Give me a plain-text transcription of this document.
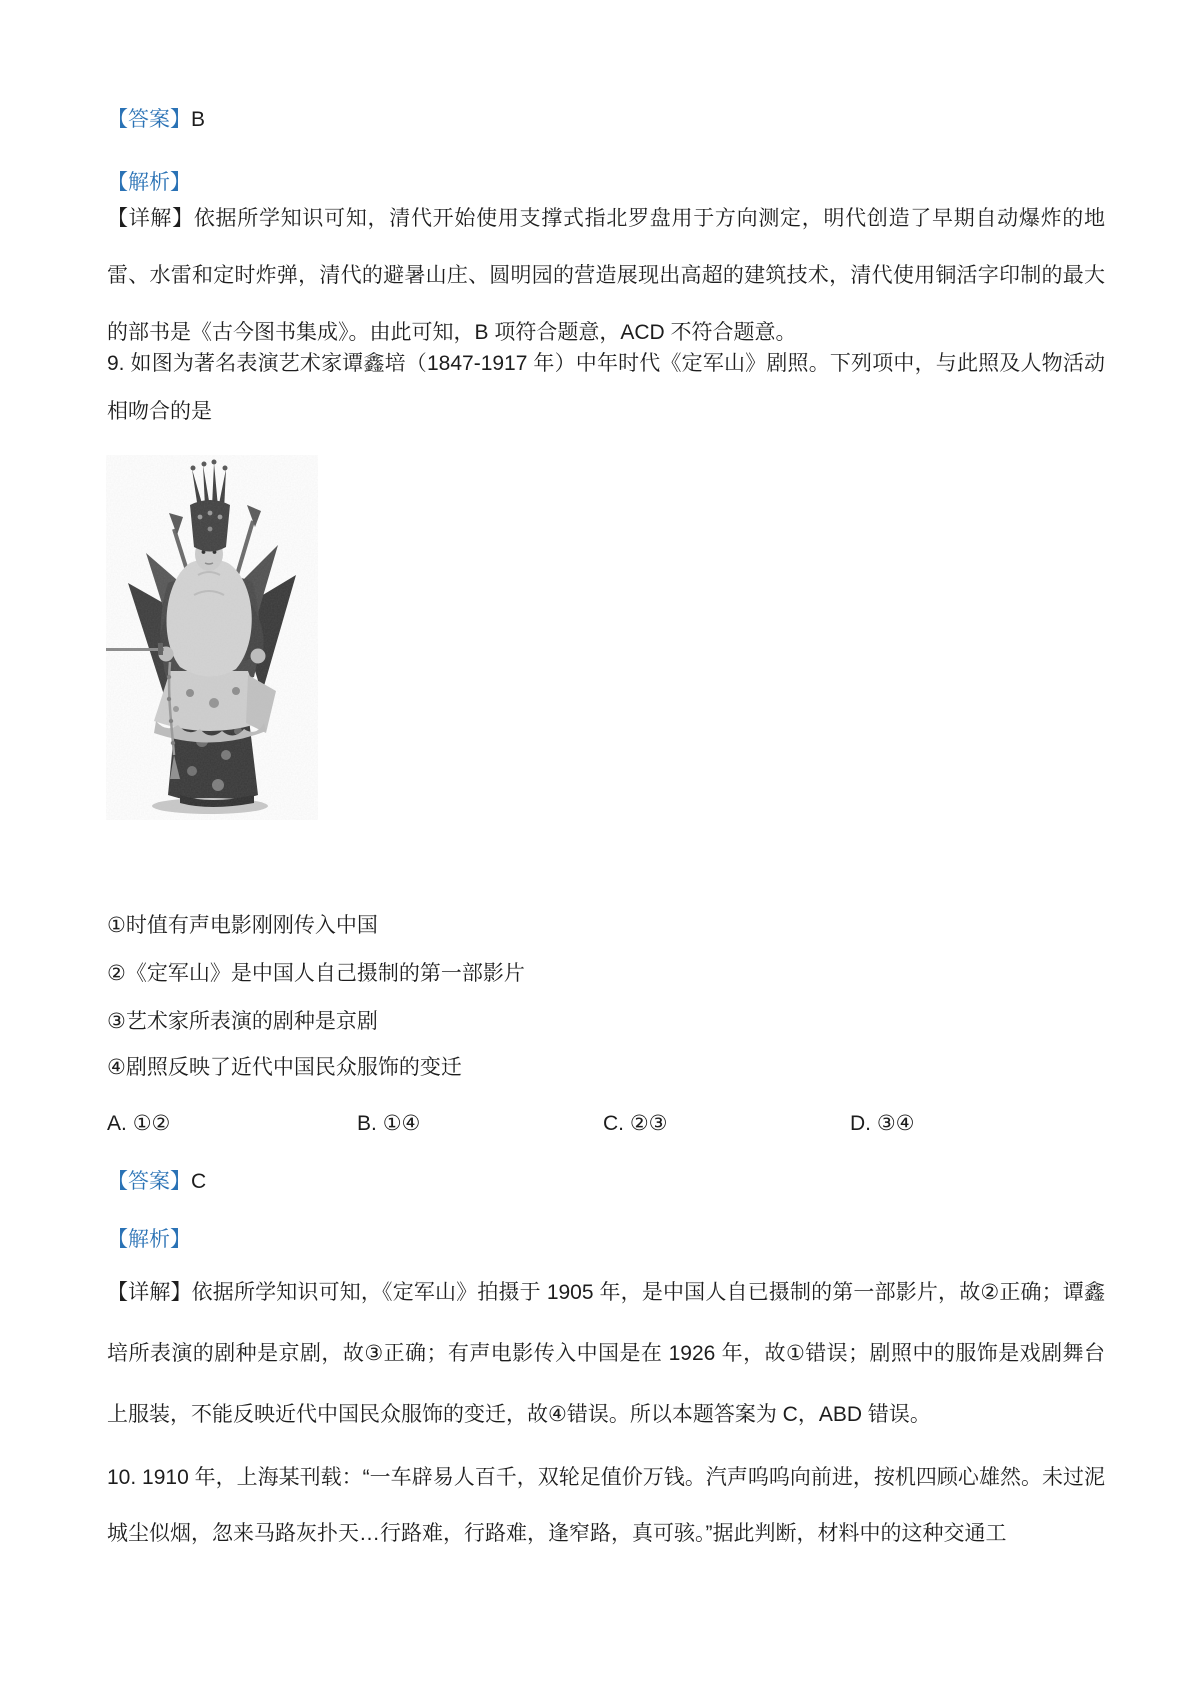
【答案】B
【解析】
【详解】依据所学知识可知，清代开始使用支撑式指北罗盘用于方向测定，明代创造了早期自动爆炸的地雷、水雷和定时炸弹，清代的避暑山庄、圆明园的营造展现出高超的建筑技术，清代使用铜活字印制的最大的部书是《古今图书集成》。由此可知，B 项符合题意，ACD 不符合题意。
9. 如图为著名表演艺术家谭鑫培（1847-1917 年）中年时代《定军山》剧照。下列项中，与此照及人物活动相吻合的是
①时值有声电影刚刚传入中国
②《定军山》是中国人自己摄制的第一部影片
③艺术家所表演的剧种是京剧
④剧照反映了近代中国民众服饰的变迁
A. ①②	B. ①④	C. ②③	D. ③④
【答案】C
【解析】
【详解】依据所学知识可知，《定军山》拍摄于 1905 年，是中国人自已摄制的第一部影片，故②正确；谭鑫培所表演的剧种是京剧，故③正确；有声电影传入中国是在 1926 年，故①错误；剧照中的服饰是戏剧舞台上服装，不能反映近代中国民众服饰的变迁，故④错误。所以本题答案为 C，ABD 错误。
10. 1910 年，上海某刊载：“一车辟易人百千，双轮足值价万钱。汽声呜呜向前进，按机四顾心雄然。未过泥城尘似烟，忽来马路灰扑天…行路难，行路难，逢窄路，真可骇。”据此判断，材料中的这种交通工
